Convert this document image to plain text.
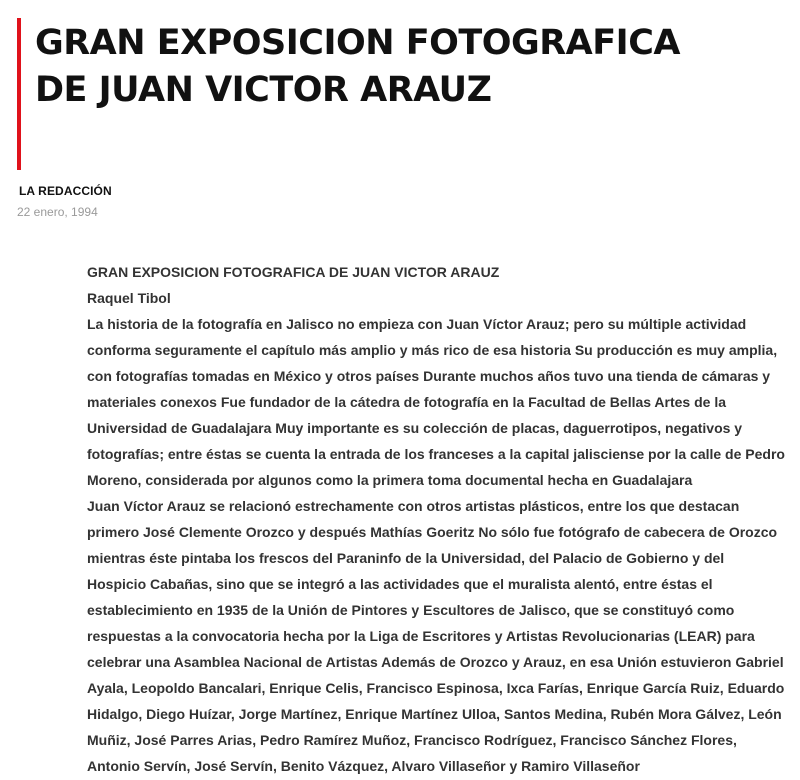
GRAN EXPOSICION FOTOGRAFICA DE JUAN VICTOR ARAUZ
LA REDACCIÓN
22 enero, 1994

GRAN EXPOSICION FOTOGRAFICA DE JUAN VICTOR ARAUZ

Raquel Tibol

La historia de la fotografía en Jalisco no empieza con Juan Víctor Arauz; pero su múltiple actividad conforma seguramente el capítulo más amplio y más rico de esa historia Su producción es muy amplia, con fotografías tomadas en México y otros países Durante muchos años tuvo una tienda de cámaras y materiales conexos Fue fundador de la cátedra de fotografía en la Facultad de Bellas Artes de la Universidad de Guadalajara Muy importante es su colección de placas, daguerrotipos, negativos y fotografías; entre éstas se cuenta la entrada de los franceses a la capital jalisciense por la calle de Pedro Moreno, considerada por algunos como la primera toma documental hecha en Guadalajara

Juan Víctor Arauz se relacionó estrechamente con otros artistas plásticos, entre los que destacan primero José Clemente Orozco y después Mathías Goeritz No sólo fue fotógrafo de cabecera de Orozco mientras éste pintaba los frescos del Paraninfo de la Universidad, del Palacio de Gobierno y del Hospicio Cabañas, sino que se integró a las actividades que el muralista alentó, entre éstas el establecimiento en 1935 de la Unión de Pintores y Escultores de Jalisco, que se constituyó como respuestas a la convocatoria hecha por la Liga de Escritores y Artistas Revolucionarias (LEAR) para celebrar una Asamblea Nacional de Artistas Además de Orozco y Arauz, en esa Unión estuvieron Gabriel Ayala, Leopoldo Bancalari, Enrique Celis, Francisco Espinosa, Ixca Farías, Enrique García Ruiz, Eduardo Hidalgo, Diego Huízar, Jorge Martínez, Enrique Martínez Ulloa, Santos Medina, Rubén Mora Gálvez, León Muñiz, José Parres Arias, Pedro Ramírez Muñoz, Francisco Rodríguez, Francisco Sánchez Flores, Antonio Servín, José Servín, Benito Vázquez, Alvaro Villaseñor y Ramiro Villaseñor
